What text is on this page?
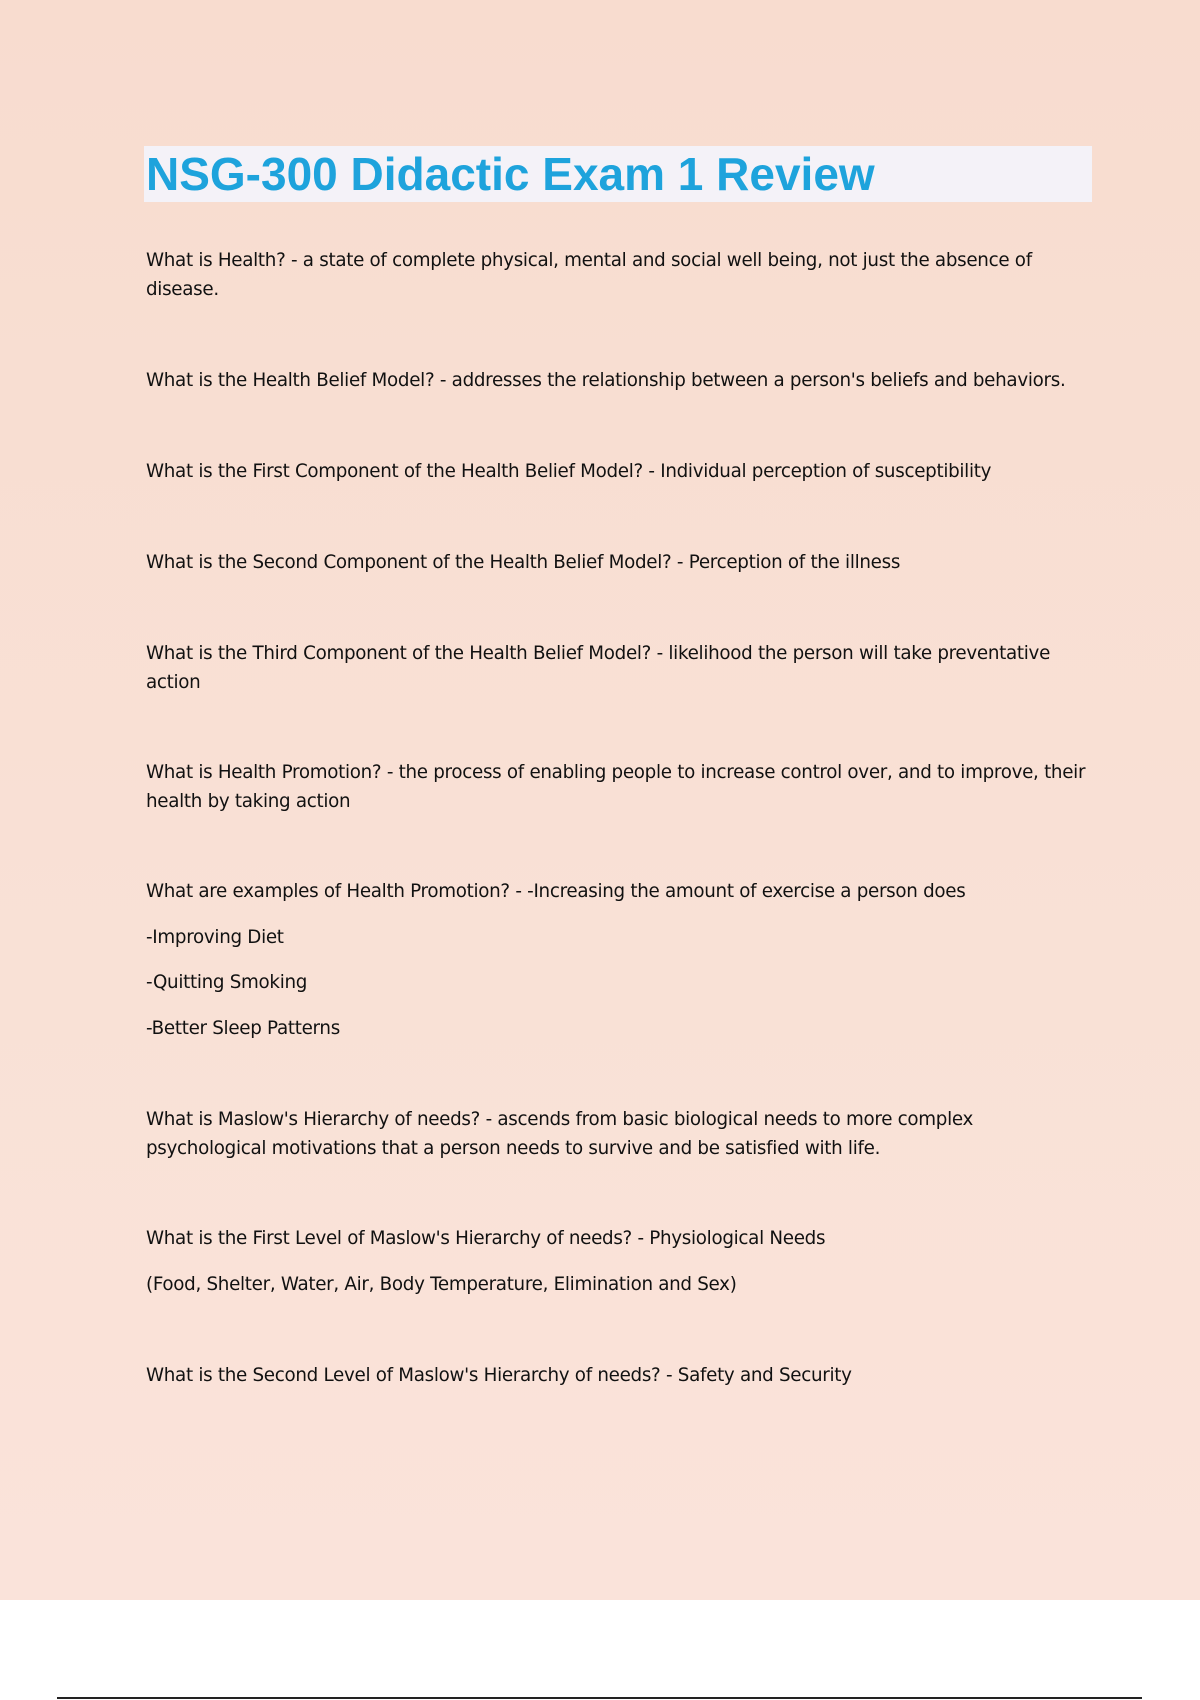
NSG-300 Didactic Exam 1 Review

What is Health? - a state of complete physical, mental and social well being, not just the absence of disease.

What is the Health Belief Model? - addresses the relationship between a person's beliefs and behaviors.

What is the First Component of the Health Belief Model? - Individual perception of susceptibility

What is the Second Component of the Health Belief Model? - Perception of the illness

What is the Third Component of the Health Belief Model? - likelihood the person will take preventative action

What is Health Promotion? - the process of enabling people to increase control over, and to improve, their health by taking action

What are examples of Health Promotion? - -Increasing the amount of exercise a person does

-Improving Diet

-Quitting Smoking

-Better Sleep Patterns

What is Maslow's Hierarchy of needs? - ascends from basic biological needs to more complex psychological motivations that a person needs to survive and be satisfied with life.

What is the First Level of Maslow's Hierarchy of needs? - Physiological Needs

(Food, Shelter, Water, Air, Body Temperature, Elimination and Sex)

What is the Second Level of Maslow's Hierarchy of needs? - Safety and Security
